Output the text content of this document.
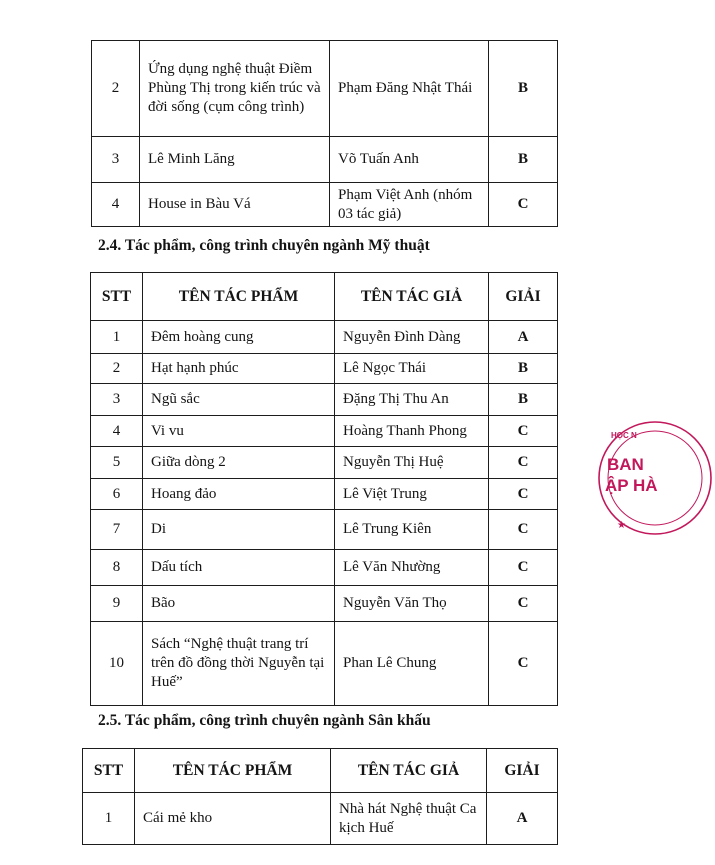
2	Ứng dụng nghệ thuật Điềm Phùng Thị trong kiến trúc và đời sống (cụm công trình)	Phạm Đăng Nhật Thái	B
3	Lê Minh Lăng	Võ Tuấn Anh	B
4	House in Bàu Vá	Phạm Việt Anh (nhóm 03 tác giả)	C
2.4. Tác phẩm, công trình chuyên ngành Mỹ thuật
STT	TÊN TÁC PHẨM	TÊN TÁC GIẢ	GIẢI
1	Đêm hoàng cung	Nguyễn Đình Dàng	A
2	Hạt hạnh phúc	Lê Ngọc Thái	B
3	Ngũ sắc	Đặng Thị Thu An	B
4	Vi vu	Hoàng Thanh Phong	C
5	Giữa dòng 2	Nguyễn Thị Huệ	C
6	Hoang đảo	Lê Việt Trung	C
7	Di	Lê Trung Kiên	C
8	Dấu tích	Lê Văn Nhường	C
9	Bão	Nguyễn Văn Thọ	C
10	Sách “Nghệ thuật trang trí trên đồ đồng thời Nguyễn tại Huế”	Phan Lê Chung	C
2.5. Tác phẩm, công trình chuyên ngành Sân khấu
STT	TÊN TÁC PHẨM	TÊN TÁC GIẢ	GIẢI
1	Cái mẻ kho	Nhà hát Nghệ thuật Ca kịch Huế	A
HỌC N
BAN
ẬP HÀ
★
